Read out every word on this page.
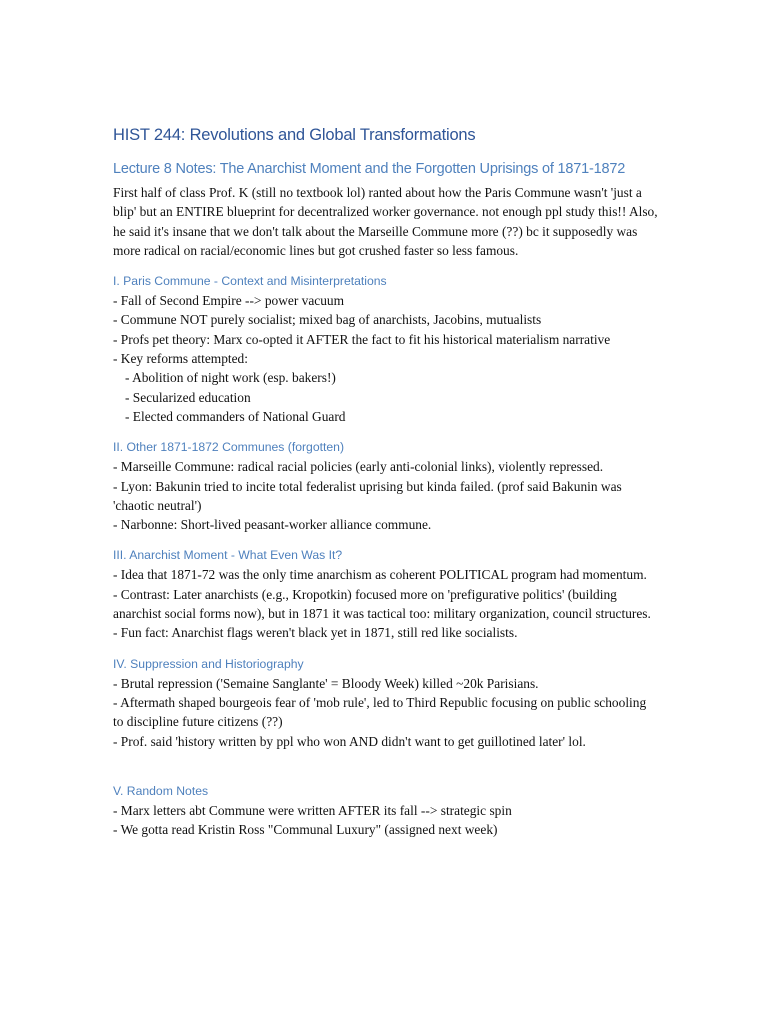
HIST 244: Revolutions and Global Transformations
Lecture 8 Notes: The Anarchist Moment and the Forgotten Uprisings of 1871-1872

First half of class Prof. K (still no textbook lol) ranted about how the Paris Commune wasn't 'just a blip' but an ENTIRE blueprint for decentralized worker governance. not enough ppl study this!! Also, he said it's insane that we don't talk about the Marseille Commune more (??) bc it supposedly was more radical on racial/economic lines but got crushed faster so less famous.

I. Paris Commune - Context and Misinterpretations

- Fall of Second Empire --> power vacuum

- Commune NOT purely socialist; mixed bag of anarchists, Jacobins, mutualists

- Profs pet theory: Marx co-opted it AFTER the fact to fit his historical materialism narrative

- Key reforms attempted:

- Abolition of night work (esp. bakers!)

- Secularized education

- Elected commanders of National Guard

II. Other 1871-1872 Communes (forgotten)

- Marseille Commune: radical racial policies (early anti-colonial links), violently repressed.

- Lyon: Bakunin tried to incite total federalist uprising but kinda failed. (prof said Bakunin was 'chaotic neutral')

- Narbonne: Short-lived peasant-worker alliance commune.

III. Anarchist Moment - What Even Was It?

- Idea that 1871-72 was the only time anarchism as coherent POLITICAL program had momentum.

- Contrast: Later anarchists (e.g., Kropotkin) focused more on 'prefigurative politics' (building anarchist social forms now), but in 1871 it was tactical too: military organization, council structures.

- Fun fact: Anarchist flags weren't black yet in 1871, still red like socialists.

IV. Suppression and Historiography

- Brutal repression ('Semaine Sanglante' = Bloody Week) killed ~20k Parisians.

- Aftermath shaped bourgeois fear of 'mob rule', led to Third Republic focusing on public schooling to discipline future citizens (??)

- Prof. said 'history written by ppl who won AND didn't want to get guillotined later' lol.

V. Random Notes

- Marx letters abt Commune were written AFTER its fall --> strategic spin

- We gotta read Kristin Ross "Communal Luxury" (assigned next week)
